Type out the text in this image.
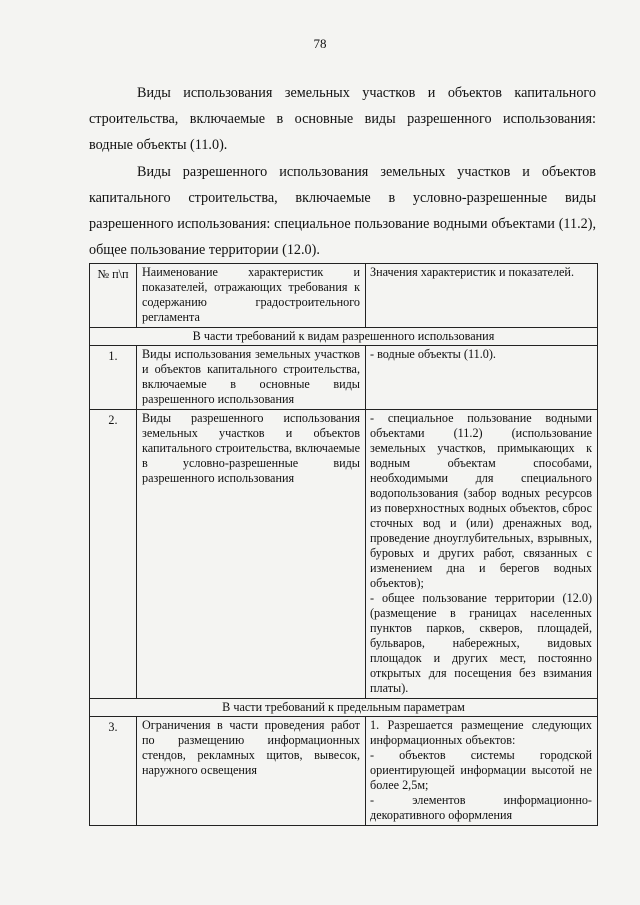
78

Виды использования земельных участков и объектов капитального строительства, включаемые в основные виды разрешенного использования: водные объекты (11.0).

Виды разрешенного использования земельных участков и объектов капитального строительства, включаемые в условно-разрешенные виды разрешенного использования: специальное пользование водными объектами (11.2), общее пользование территории (12.0).

№ п\п	Наименование характеристик и показателей, отражающих требования к содержанию градостроительного регламента	Значения характеристик и показателей.
В части требований к видам разрешенного использования		
1.	Виды использования земельных участков и объектов капитального строительства, включаемые в основные виды разрешенного использования	- водные объекты (11.0).

2.	Виды разрешенного использования земельных участков и объектов капитального строительства, включаемые в условно-разрешенные виды разрешенного использования	- специальное пользование водными объектами (11.2) (использование земельных участков, примыкающих к водным объектам способами, необходимыми для специального водопользования (забор водных ресурсов из поверхностных водных объектов, сброс сточных вод и (или) дренажных вод, проведение дноуглубительных, взрывных, буровых и других работ, связанных с изменением дна и берегов водных объектов);
- общее пользование территории (12.0) (размещение в границах населенных пунктов парков, скверов, площадей, бульваров, набережных, видовых площадок и других мест, постоянно открытых для посещения без взимания платы).

В части требований к предельным параметрам		
3.	Ограничения в части проведения работ по размещению информационных стендов, рекламных щитов, вывесок, наружного освещения	1. Разрешается размещение следующих информационных объектов:
- объектов системы городской ориентирующей информации высотой не более 2,5м;
- элементов информационно-декоративного оформления
